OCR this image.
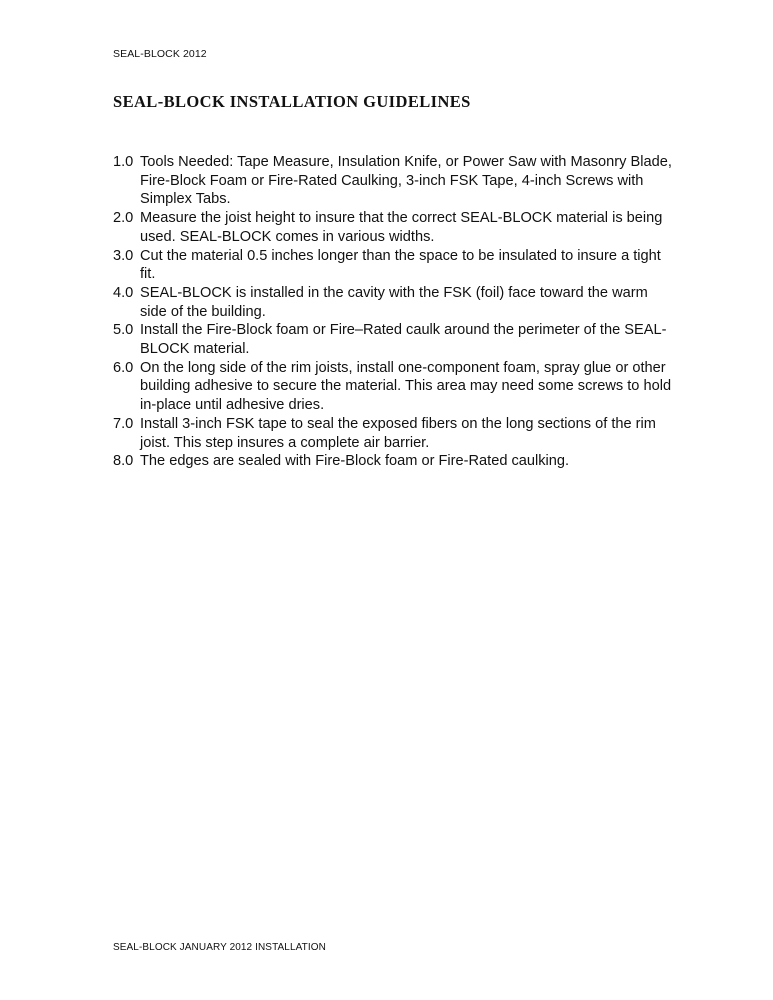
SEAL-BLOCK 2012
SEAL-BLOCK INSTALLATION GUIDELINES
1.0 Tools Needed: Tape Measure, Insulation Knife, or Power Saw with Masonry Blade, Fire-Block Foam or Fire-Rated Caulking, 3-inch FSK Tape, 4-inch Screws with Simplex Tabs.
2.0 Measure the joist height to insure that the correct SEAL-BLOCK material is being used. SEAL-BLOCK comes in various widths.
3.0 Cut the material 0.5 inches longer than the space to be insulated to insure a tight fit.
4.0 SEAL-BLOCK is installed in the cavity with the FSK (foil) face toward the warm side of the building.
5.0 Install the Fire-Block foam or Fire–Rated caulk around the perimeter of the SEAL-BLOCK material.
6.0 On the long side of the rim joists, install one-component foam, spray glue or other building adhesive to secure the material. This area may need some screws to hold in-place until adhesive dries.
7.0 Install 3-inch FSK tape to seal the exposed fibers on the long sections of the rim joist. This step insures a complete air barrier.
8.0 The edges are sealed with Fire-Block foam or Fire-Rated caulking.
SEAL-BLOCK JANUARY 2012 INSTALLATION
